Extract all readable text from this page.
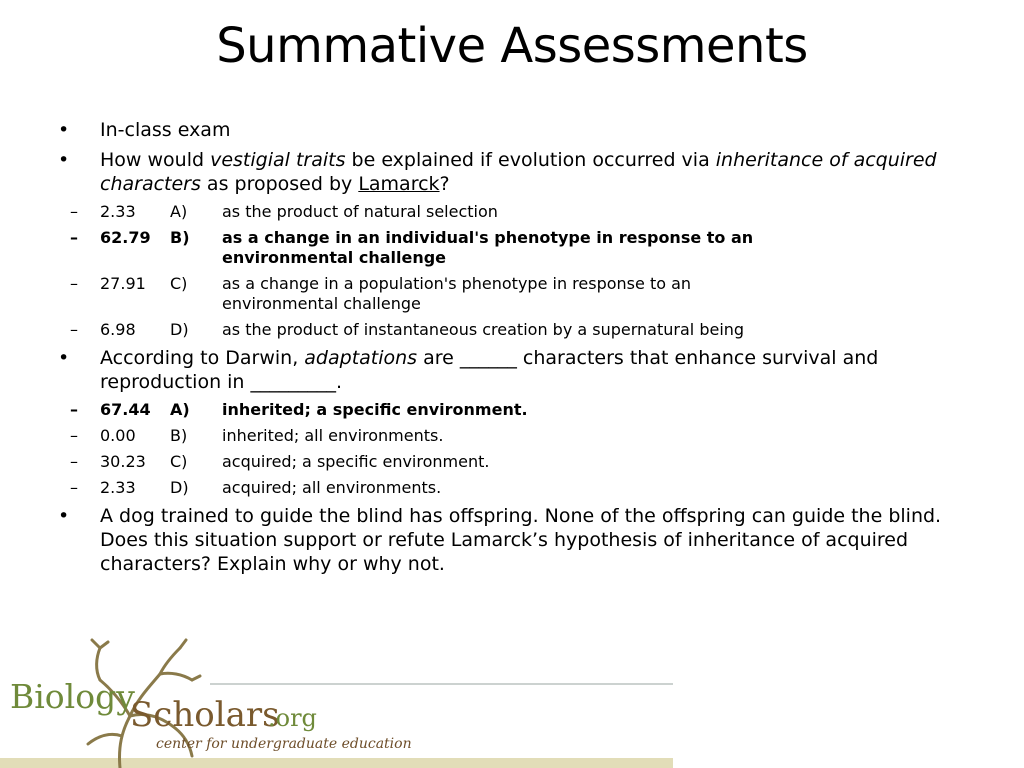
Summative Assessments
• In-class exam
• How would vestigial traits be explained if evolution occurred via inheritance of acquired characters as proposed by Lamarck?
– 2.33	A)	as the product of natural selection
– 62.79	B)	as a change in an individual's phenotype in response to an environmental challenge
– 27.91	C)	as a change in a population's phenotype in response to an environmental challenge
– 6.98	D)	as the product of instantaneous creation by a supernatural being
• According to Darwin, adaptations are ______ characters that enhance survival and reproduction in _________.
– 67.44	A)	inherited; a specific environment.
– 0.00	B)	inherited; all environments.
– 30.23	C)	acquired; a specific environment.
– 2.33	D)	acquired; all environments.
• A dog trained to guide the blind has offspring. None of the offspring can guide the blind. Does this situation support or refute Lamarck’s hypothesis of inheritance of acquired characters? Explain why or why not.
Biology
Scholars
.org
center for undergraduate education
